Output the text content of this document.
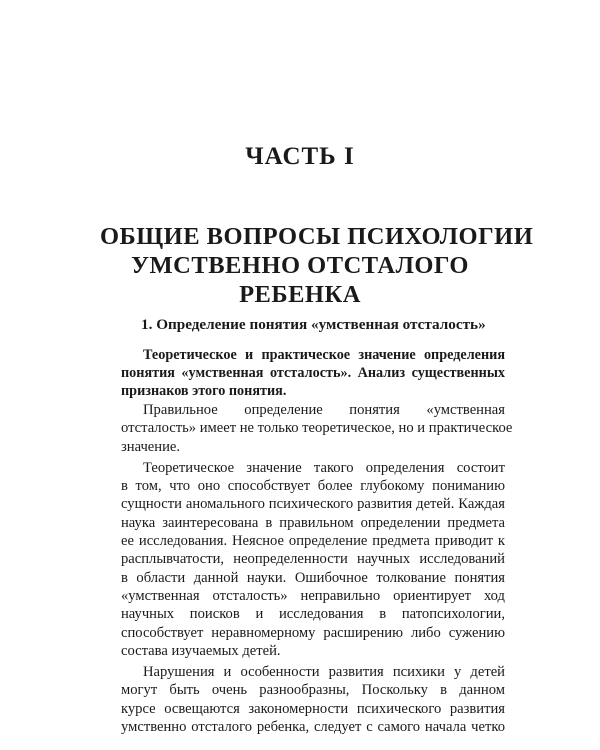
ЧАСТЬ I
ОБЩИЕ ВОПРОСЫ ПСИХОЛОГИИ
УМСТВЕННО ОТСТАЛОГО
РЕБЕНКА
1. Определение понятия «умственная отсталость»
Теоретическое и практическое значение определения
понятия «умственная отсталость». Анализ существенных
признаков этого понятия.
Правильное определение понятия «умственная
отсталость» имеет не только теоретическое, но и практическое
значение.
Теоретическое значение такого определения состоит
в том, что оно способствует более глубокому пониманию
сущности аномального психического развития детей. Каждая
наука заинтересована в правильном определении предмета
ее исследования. Неясное определение предмета приводит к
расплывчатости, неопределенности научных исследований
в области данной науки. Ошибочное толкование понятия
«умственная отсталость» неправильно ориентирует ход
научных поисков и исследования в патопсихологии,
способствует неравномерному расширению либо сужению
состава изучаемых детей.
Нарушения и особенности развития психики у детей
могут быть очень разнообразны, Поскольку в данном
курсе освещаются закономерности психического развития
умственно отсталого ребенка, следует с самого начала четко
